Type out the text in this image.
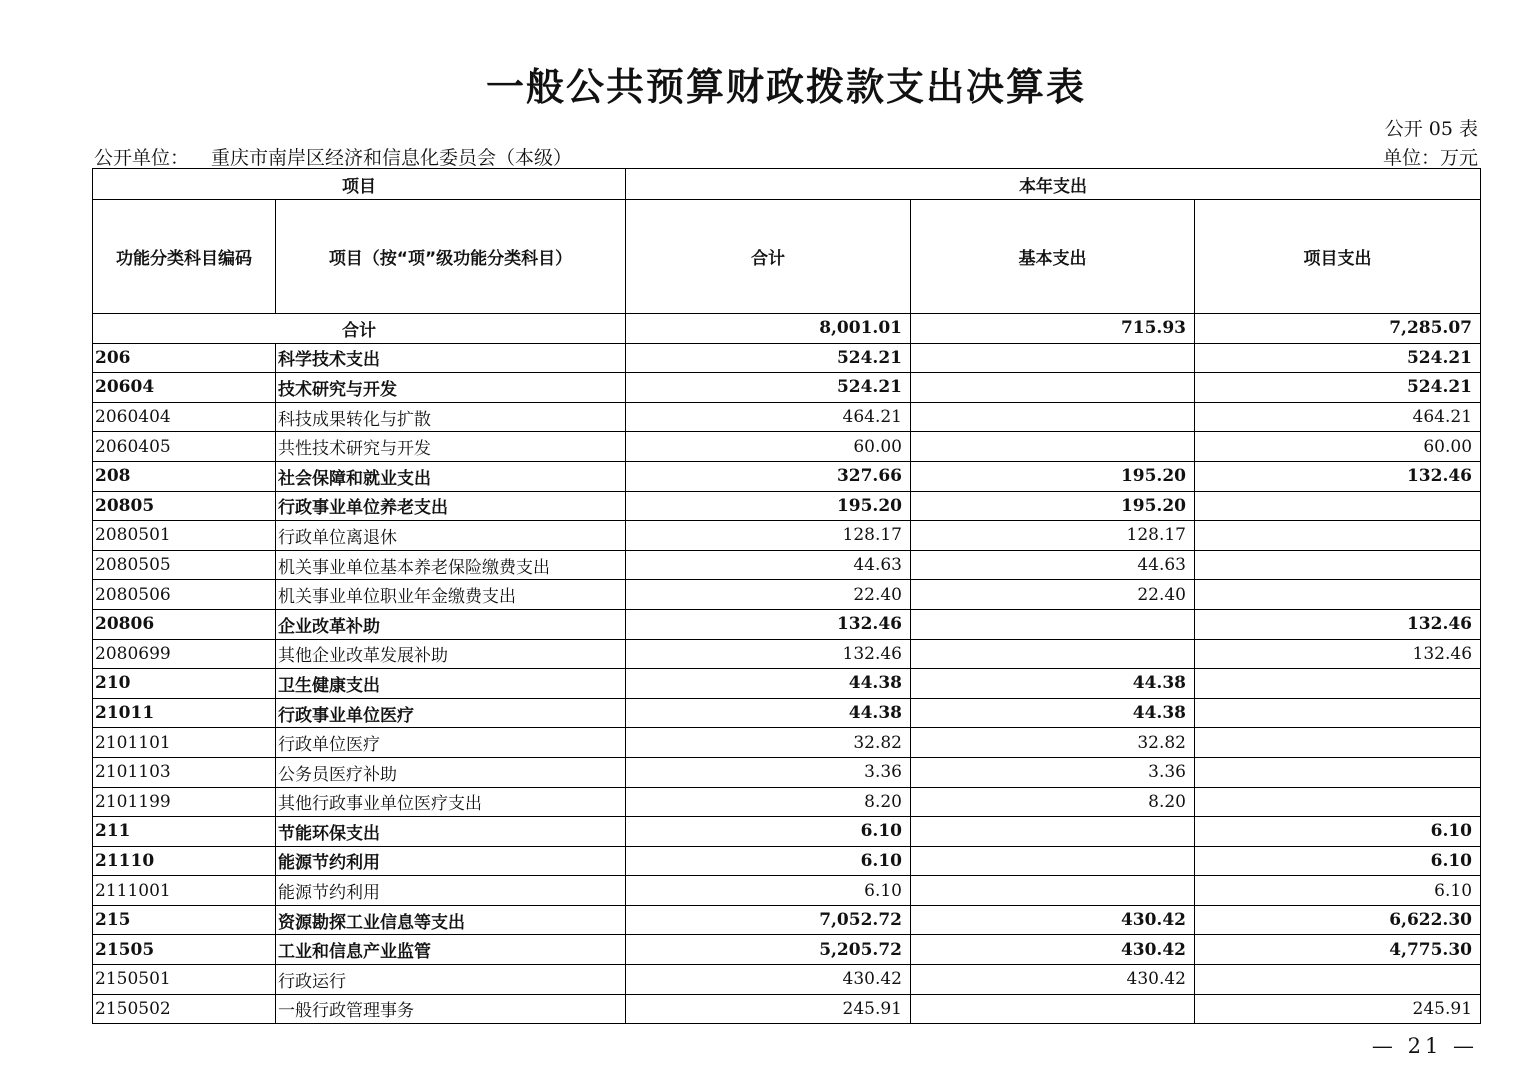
一般公共预算财政拨款支出决算表
公开 05 表
公开单位： 重庆市南岸区经济和信息化委员会（本级）	单位：万元
项目		本年支出		
功能分类科目编码	项目（按“项”级功能分类科目）	合计	基本支出	项目支出
合计		8,001.01	715.93	7,285.07
206	科学技术支出	524.21		524.21
20604	技术研究与开发	524.21		524.21
2060404	科技成果转化与扩散	464.21		464.21
2060405	共性技术研究与开发	60.00		60.00
208	社会保障和就业支出	327.66	195.20	132.46
20805	行政事业单位养老支出	195.20	195.20	
2080501	行政单位离退休	128.17	128.17	
2080505	机关事业单位基本养老保险缴费支出	44.63	44.63	
2080506	机关事业单位职业年金缴费支出	22.40	22.40	
20806	企业改革补助	132.46		132.46
2080699	其他企业改革发展补助	132.46		132.46
210	卫生健康支出	44.38	44.38	
21011	行政事业单位医疗	44.38	44.38	
2101101	行政单位医疗	32.82	32.82	
2101103	公务员医疗补助	3.36	3.36	
2101199	其他行政事业单位医疗支出	8.20	8.20	
211	节能环保支出	6.10		6.10
21110	能源节约利用	6.10		6.10
2111001	能源节约利用	6.10		6.10
215	资源勘探工业信息等支出	7,052.72	430.42	6,622.30
21505	工业和信息产业监管	5,205.72	430.42	4,775.30
2150501	行政运行	430.42	430.42	
2150502	一般行政管理事务	245.91		245.91
— 21 —
